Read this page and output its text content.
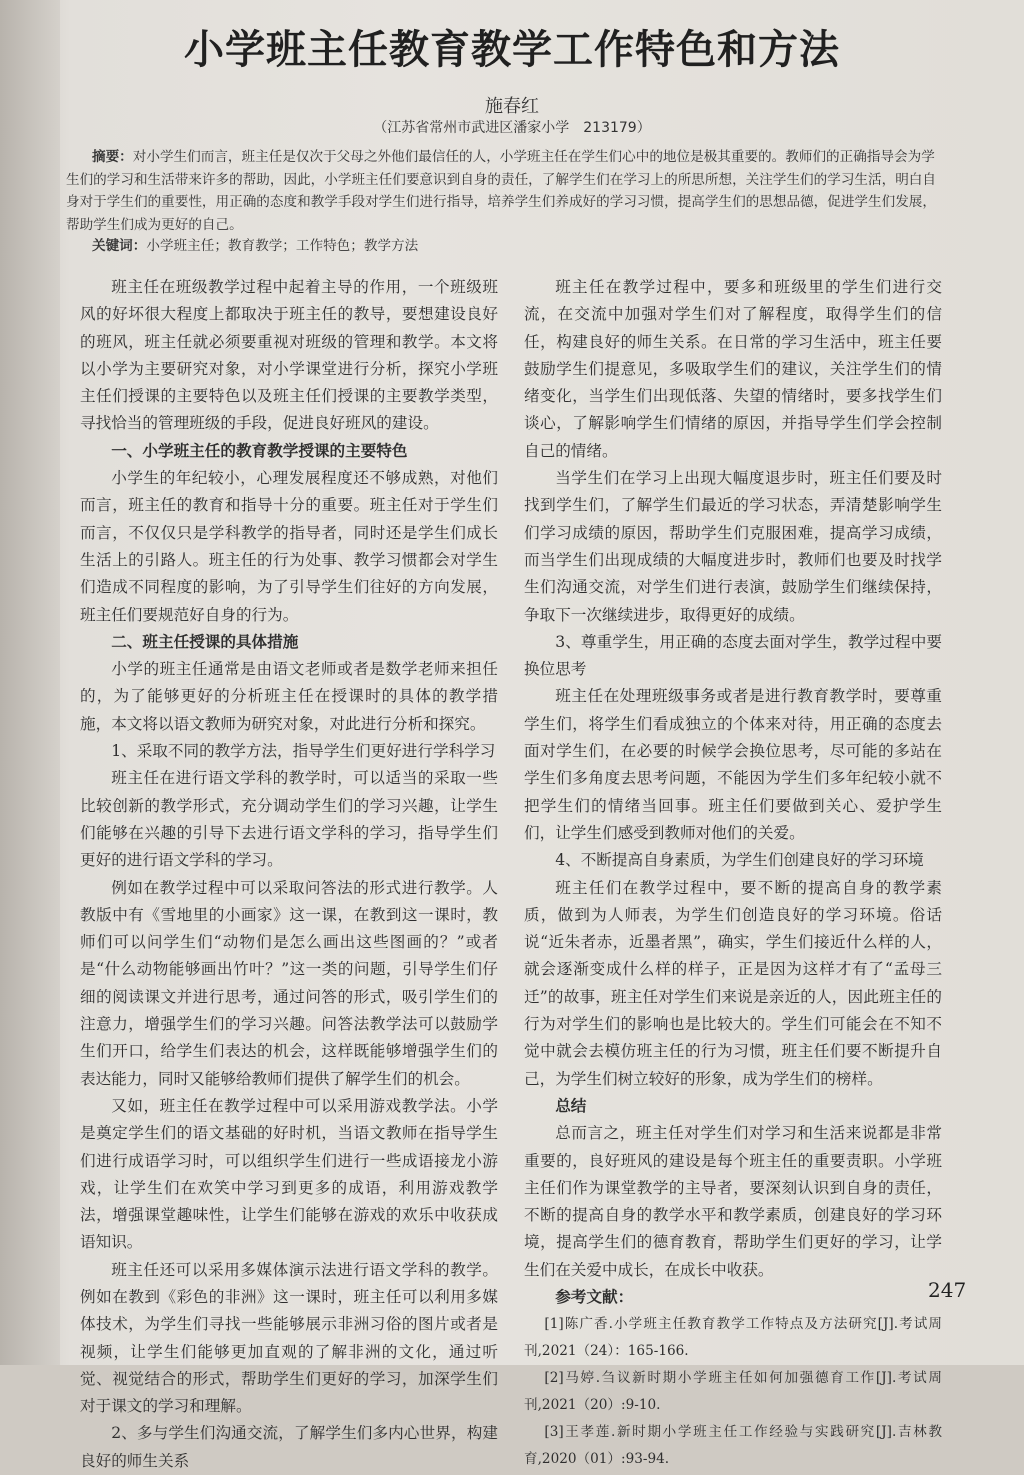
小学班主任教育教学工作特色和方法
施春红
（江苏省常州市武进区潘家小学　213179）
摘要：对小学生们而言，班主任是仅次于父母之外他们最信任的人，小学班主任在学生们心中的地位是极其重要的。教师们的正确指导会为学生们的学习和生活带来许多的帮助，因此，小学班主任们要意识到自身的责任，了解学生们在学习上的所思所想，关注学生们的学习生活，明白自身对于学生们的重要性，用正确的态度和教学手段对学生们进行指导，培养学生们养成好的学习习惯，提高学生们的思想品德，促进学生们发展，帮助学生们成为更好的自己。
关键词：小学班主任；教育教学；工作特色；教学方法

班主任在班级教学过程中起着主导的作用，一个班级班风的好坏很大程度上都取决于班主任的教导，要想建设良好的班风，班主任就必须要重视对班级的管理和教学。本文将以小学为主要研究对象，对小学课堂进行分析，探究小学班主任们授课的主要特色以及班主任们授课的主要教学类型，寻找恰当的管理班级的手段，促进良好班风的建设。

一、小学班主任的教育教学授课的主要特色

小学生的年纪较小，心理发展程度还不够成熟，对他们而言，班主任的教育和指导十分的重要。班主任对于学生们而言，不仅仅只是学科教学的指导者，同时还是学生们成长生活上的引路人。班主任的行为处事、教学习惯都会对学生们造成不同程度的影响，为了引导学生们往好的方向发展，班主任们要规范好自身的行为。

二、班主任授课的具体措施

小学的班主任通常是由语文老师或者是数学老师来担任的，为了能够更好的分析班主任在授课时的具体的教学措施，本文将以语文教师为研究对象，对此进行分析和探究。

1、采取不同的教学方法，指导学生们更好进行学科学习

班主任在进行语文学科的教学时，可以适当的采取一些比较创新的教学形式，充分调动学生们的学习兴趣，让学生们能够在兴趣的引导下去进行语文学科的学习，指导学生们更好的进行语文学科的学习。

例如在教学过程中可以采取问答法的形式进行教学。人教版中有《雪地里的小画家》这一课，在教到这一课时，教师们可以问学生们“动物们是怎么画出这些图画的？”或者是“什么动物能够画出竹叶？”这一类的问题，引导学生们仔细的阅读课文并进行思考，通过问答的形式，吸引学生们的注意力，增强学生们的学习兴趣。问答法教学法可以鼓励学生们开口，给学生们表达的机会，这样既能够增强学生们的表达能力，同时又能够给教师们提供了解学生们的机会。

又如，班主任在教学过程中可以采用游戏教学法。小学是奠定学生们的语文基础的好时机，当语文教师在指导学生们进行成语学习时，可以组织学生们进行一些成语接龙小游戏，让学生们在欢笑中学习到更多的成语，利用游戏教学法，增强课堂趣味性，让学生们能够在游戏的欢乐中收获成语知识。

班主任还可以采用多媒体演示法进行语文学科的教学。例如在教到《彩色的非洲》这一课时，班主任可以利用多媒体技术，为学生们寻找一些能够展示非洲习俗的图片或者是视频，让学生们能够更加直观的了解非洲的文化，通过听觉、视觉结合的形式，帮助学生们更好的学习，加深学生们对于课文的学习和理解。

2、多与学生们沟通交流，了解学生们多内心世界，构建良好的师生关系

班主任在教学过程中，要多和班级里的学生们进行交流，在交流中加强对学生们对了解程度，取得学生们的信任，构建良好的师生关系。在日常的学习生活中，班主任要鼓励学生们提意见，多吸取学生们的建议，关注学生们的情绪变化，当学生们出现低落、失望的情绪时，要多找学生们谈心，了解影响学生们情绪的原因，并指导学生们学会控制自己的情绪。

当学生们在学习上出现大幅度退步时，班主任们要及时找到学生们，了解学生们最近的学习状态，弄清楚影响学生们学习成绩的原因，帮助学生们克服困难，提高学习成绩，而当学生们出现成绩的大幅度进步时，教师们也要及时找学生们沟通交流，对学生们进行表演，鼓励学生们继续保持，争取下一次继续进步，取得更好的成绩。

3、尊重学生，用正确的态度去面对学生，教学过程中要换位思考

班主任在处理班级事务或者是进行教育教学时，要尊重学生们，将学生们看成独立的个体来对待，用正确的态度去面对学生们，在必要的时候学会换位思考，尽可能的多站在学生们多角度去思考问题，不能因为学生们多年纪较小就不把学生们的情绪当回事。班主任们要做到关心、爱护学生们，让学生们感受到教师对他们的关爱。

4、不断提高自身素质，为学生们创建良好的学习环境

班主任们在教学过程中，要不断的提高自身的教学素质，做到为人师表，为学生们创造良好的学习环境。俗话说“近朱者赤，近墨者黑”，确实，学生们接近什么样的人，就会逐渐变成什么样的样子，正是因为这样才有了“孟母三迁”的故事，班主任对学生们来说是亲近的人，因此班主任的行为对学生们的影响也是比较大的。学生们可能会在不知不觉中就会去模仿班主任的行为习惯，班主任们要不断提升自己，为学生们树立较好的形象，成为学生们的榜样。

总结

总而言之，班主任对学生们对学习和生活来说都是非常重要的，良好班风的建设是每个班主任的重要责职。小学班主任们作为课堂教学的主导者，要深刻认识到自身的责任，不断的提高自身的教学水平和教学素质，创建良好的学习环境，提高学生们的德育教育，帮助学生们更好的学习，让学生们在关爱中成长，在成长中收获。

参考文献：

[1]陈广香.小学班主任教育教学工作特点及方法研究[J].考试周刊,2021（24）：165-166.

[2]马婷.刍议新时期小学班主任如何加强德育工作[J].考试周刊,2021（20）:9-10.

[3]王孝莲.新时期小学班主任工作经验与实践研究[J].吉林教育,2020（01）:93-94.

247
